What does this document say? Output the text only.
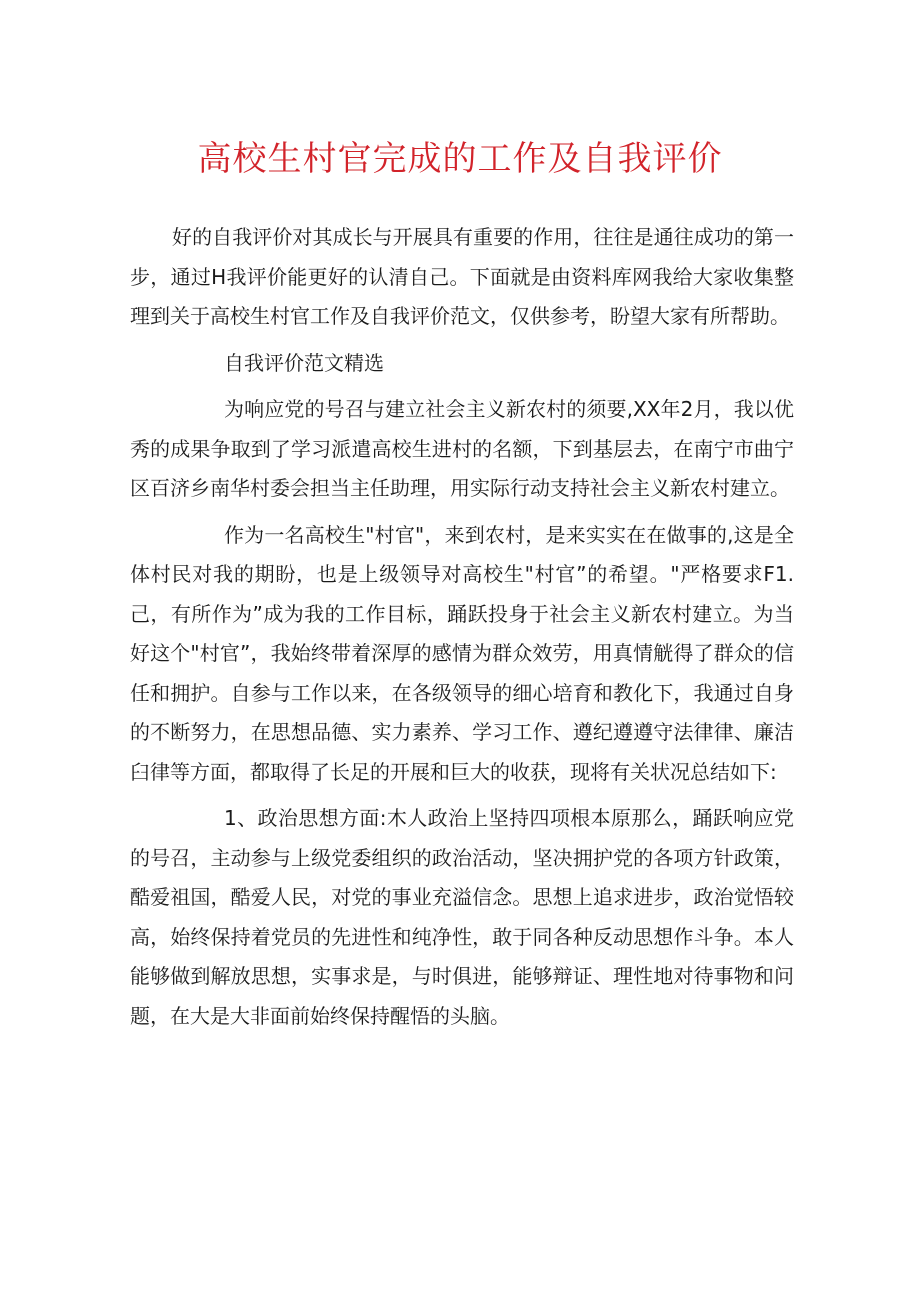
高校生村官完成的工作及自我评价

好的自我评价对其成长与开展具有重要的作用，往往是通往成功的第一步，通过H我评价能更好的认清自己。下面就是由资料库网我给大家收集整理到关于高校生村官工作及自我评价范文，仅供参考，盼望大家有所帮助。

自我评价范文精选

为响应党的号召与建立社会主义新农村的须要,XX年2月，我以优秀的成果争取到了学习派遣高校生进村的名额，下到基层去，在南宁市曲宁区百济乡南华村委会担当主任助理，用实际行动支持社会主义新农村建立。

作为一名高校生"村官"，来到农村，是来实实在在做事的,这是全体村民对我的期盼，也是上级领导对高校生"村官”的希望。"严格要求F1.己，有所作为”成为我的工作目标，踊跃投身于社会主义新农村建立。为当好这个"村官”，我始终带着深厚的感情为群众效劳，用真情觥得了群众的信任和拥护。自参与工作以来，在各级领导的细心培育和教化下，我通过自身的不断努力，在思想品德、实力素养、学习工作、遵纪遵遵守法律律、廉洁臼律等方面，都取得了长足的开展和巨大的收获，现将有关状况总结如下:

1、政治思想方面:木人政治上坚持四项根本原那么，踊跃响应党的号召，主动参与上级党委组织的政治活动，坚决拥护党的各项方针政策，酷爱祖国，酷爱人民，对党的事业充溢信念。思想上追求进步，政治觉悟较高，始终保持着党员的先进性和纯净性，敢于同各种反动思想作斗争。本人能够做到解放思想，实事求是，与时俱进，能够辩证、理性地对待事物和问题，在大是大非面前始终保持醒悟的头脑。
